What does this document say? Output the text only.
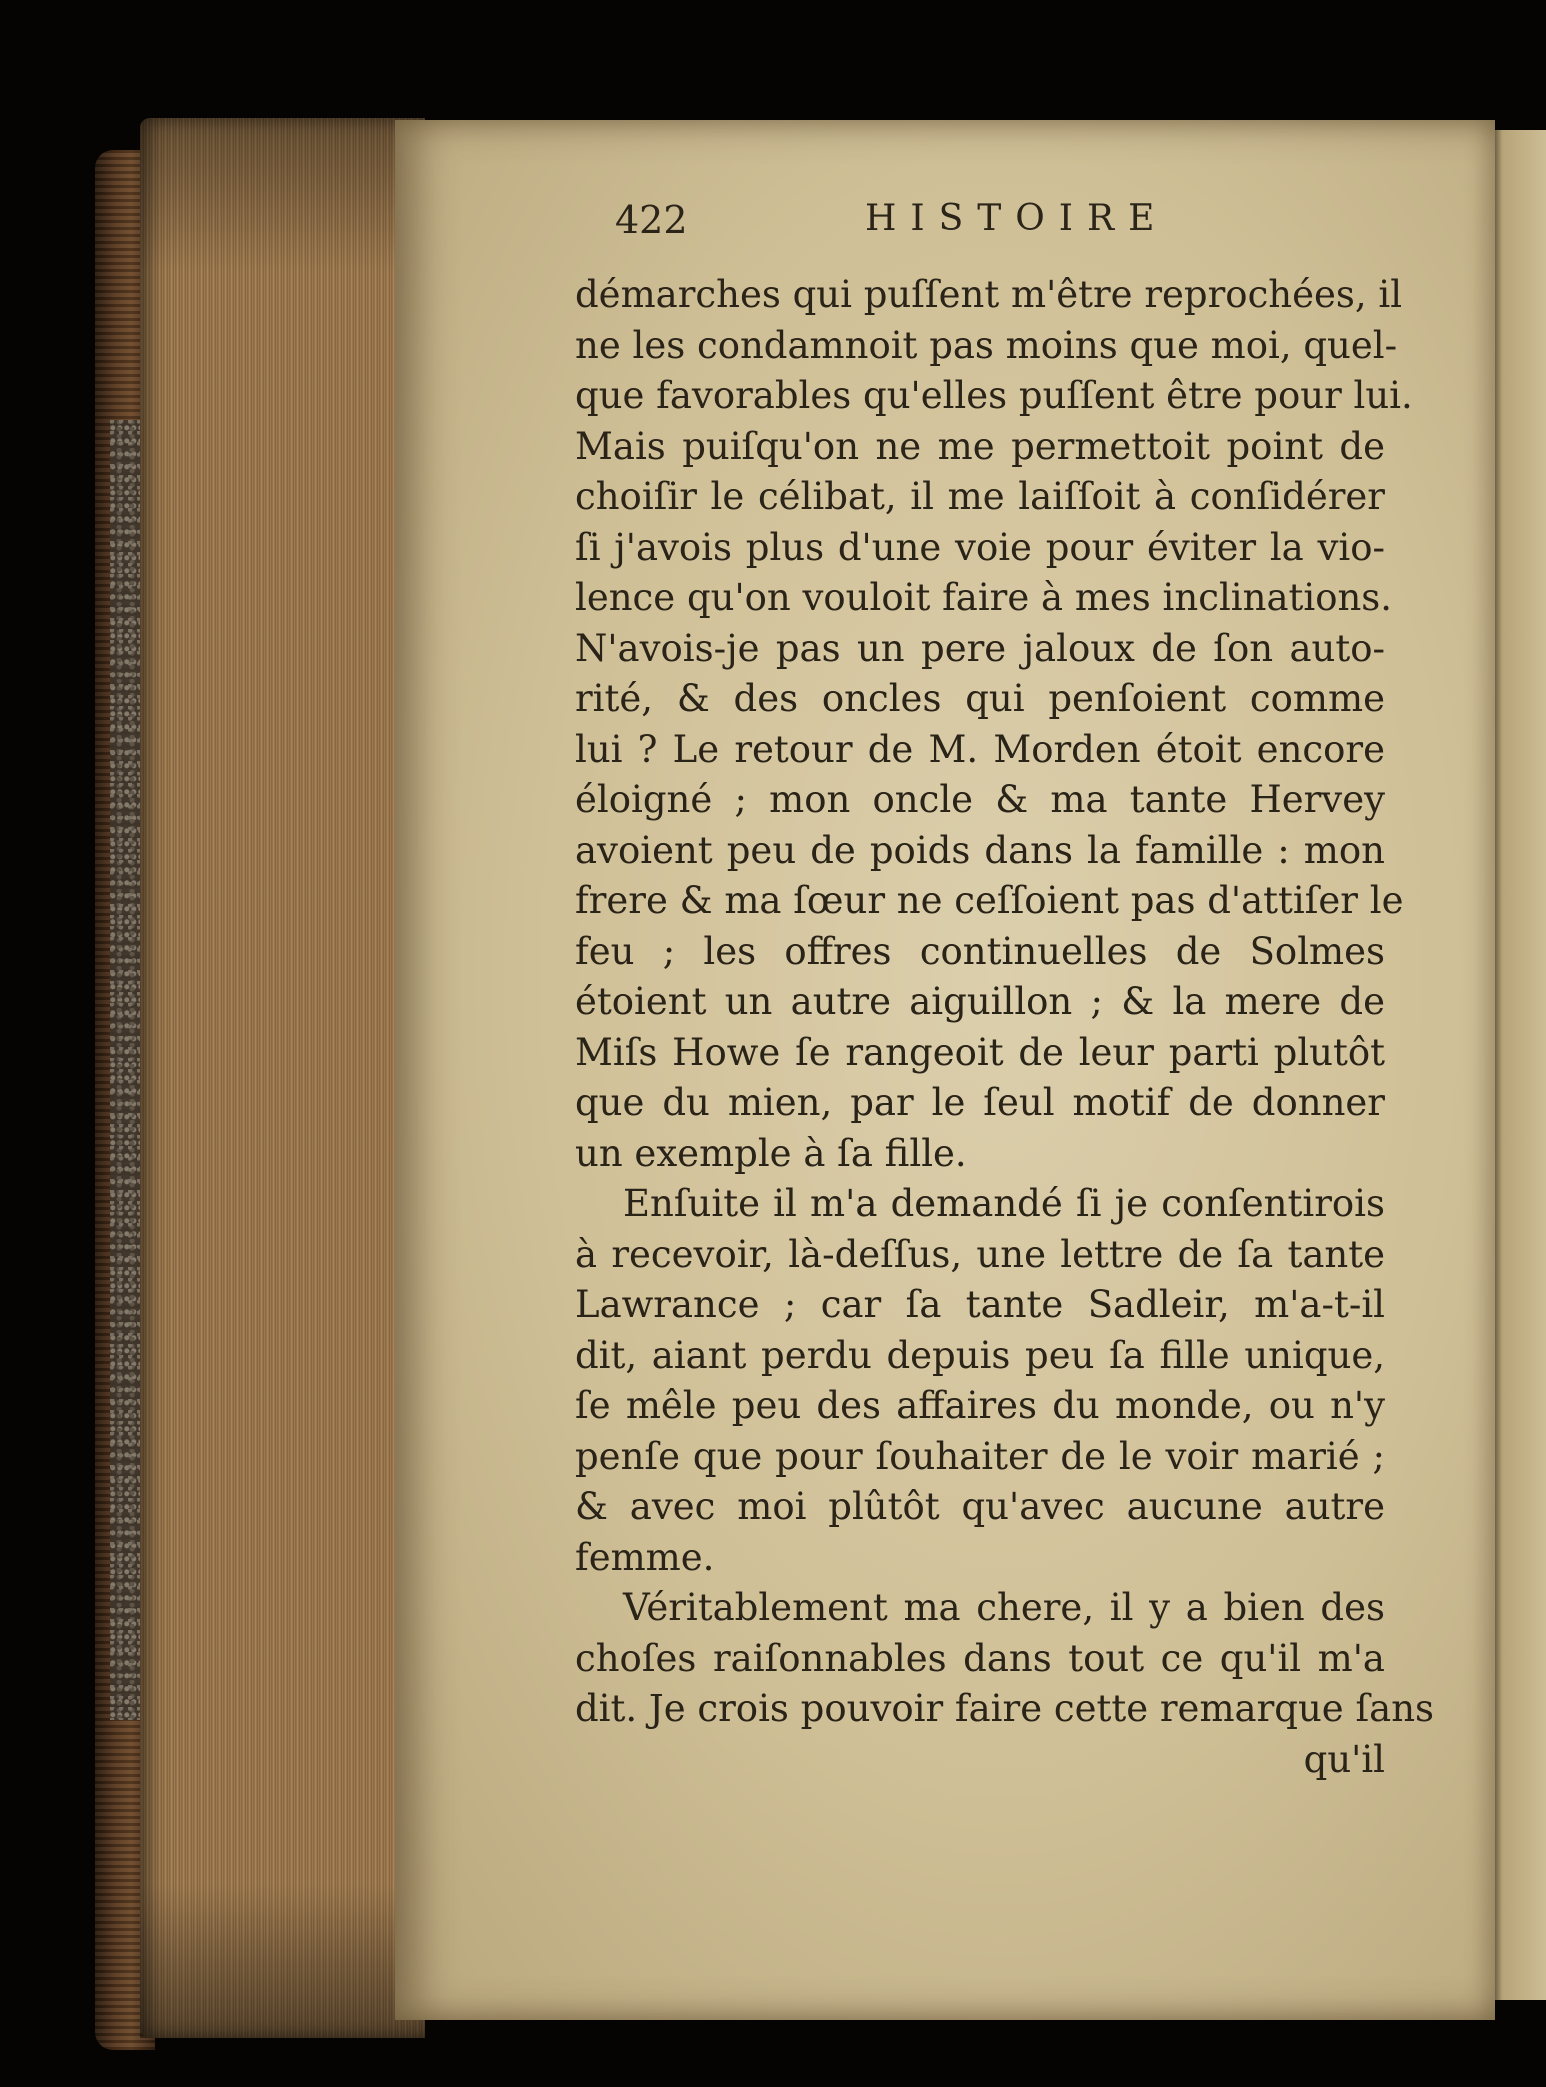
422	HISTOIRE
démarches qui puſſent m'être reprochées, il
ne les condamnoit pas moins que moi, quel-
que favorables qu'elles puſſent être pour lui.
Mais puiſqu'on ne me permettoit point de
choiſir le célibat, il me laiſſoit à conſidérer
ſi j'avois plus d'une voie pour éviter la vio-
lence qu'on vouloit faire à mes inclinations.
N'avois-je pas un pere jaloux de ſon auto-
rité, & des oncles qui penſoient comme
lui ? Le retour de M. Morden étoit encore
éloigné ; mon oncle & ma tante Hervey
avoient peu de poids dans la famille : mon
frere & ma ſœur ne ceſſoient pas d'attiſer le
feu ; les offres continuelles de Solmes
étoient un autre aiguillon ; & la mere de
Miſs Howe ſe rangeoit de leur parti plutôt
que du mien, par le ſeul motif de donner
un exemple à ſa fille.
Enſuite il m'a demandé ſi je conſentirois
à recevoir, là-deſſus, une lettre de ſa tante
Lawrance ; car ſa tante Sadleir, m'a-t-il
dit, aiant perdu depuis peu ſa fille unique,
ſe mêle peu des affaires du monde, ou n'y
penſe que pour ſouhaiter de le voir marié ;
& avec moi plûtôt qu'avec aucune autre
femme.
Véritablement ma chere, il y a bien des
choſes raiſonnables dans tout ce qu'il m'a
dit. Je crois pouvoir faire cette remarque ſans
qu'il
